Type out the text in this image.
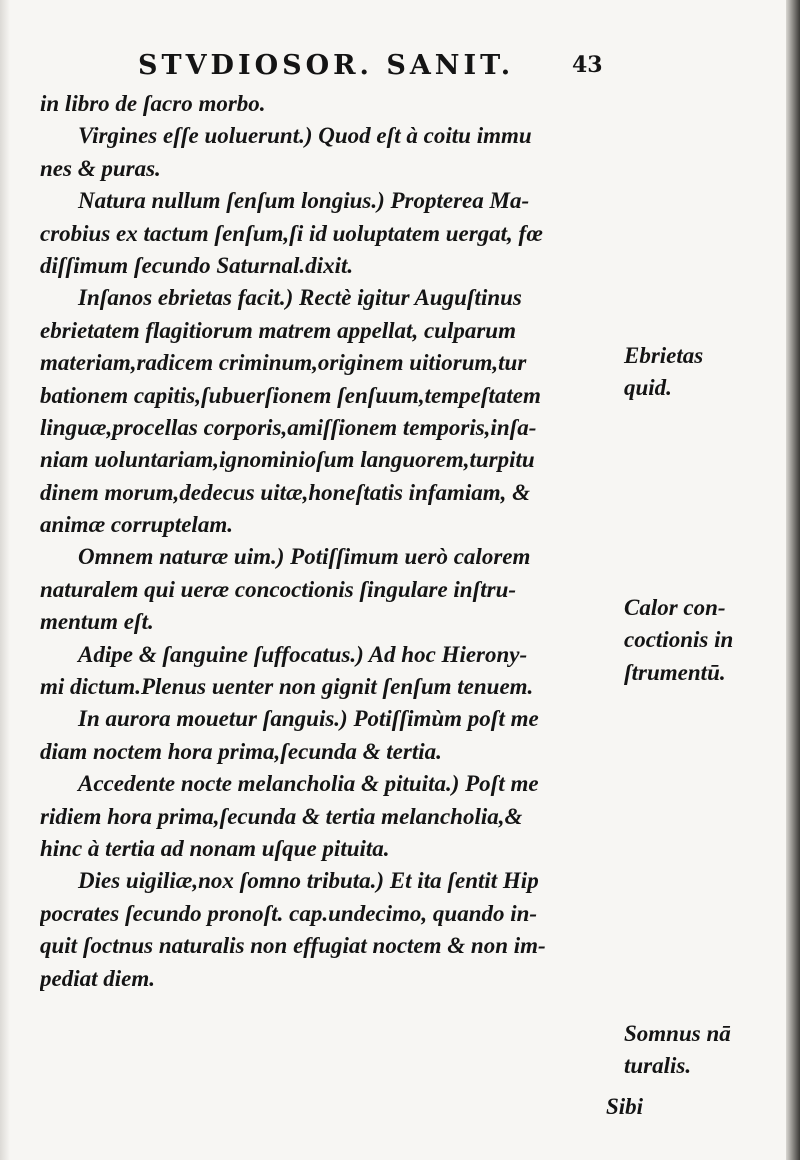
STVDIOSOR. SANIT.	43
in libro de ſacro morbo.
Virgines eſſe uoluerunt.) Quod eſt à coitu immu
nes & puras.
Natura nullum ſenſum longius.) Propterea Ma-
crobius ex tactum ſenſum,ſi id uoluptatem uergat, fœ
diſſimum ſecundo Saturnal.dixit.
Inſanos ebrietas facit.) Rectè igitur Auguſtinus
ebrietatem flagitiorum matrem appellat, culparum
materiam,radicem criminum,originem uitiorum,tur
bationem capitis,ſubuerſionem ſenſuum,tempeſtatem
linguæ,procellas corporis,amiſſionem temporis,inſa-
niam uoluntariam,ignominioſum languorem,turpitu
dinem morum,dedecus uitæ,honeſtatis infamiam, &
animæ corruptelam.
Omnem naturæ uim.) Potiſſimum uerò calorem
naturalem qui ueræ concoctionis ſingulare inſtru-
mentum eſt.
Adipe & ſanguine ſuffocatus.) Ad hoc Hierony-
mi dictum.Plenus uenter non gignit ſenſum tenuem.
In aurora mouetur ſanguis.) Potiſſimùm poſt me
diam noctem hora prima,ſecunda & tertia.
Accedente nocte melancholia & pituita.) Poſt me
ridiem hora prima,ſecunda & tertia melancholia,&
hinc à tertia ad nonam uſque pituita.
Dies uigiliæ,nox ſomno tributa.) Et ita ſentit Hip
pocrates ſecundo pronoſt. cap.undecimo, quando in-
quit ſoctnus naturalis non effugiat noctem & non im-
pediat diem.
Ebrietas
quid.
Calor con-
coctionis in
ſtrumentū.
Somnus nā
turalis.
Sibi
